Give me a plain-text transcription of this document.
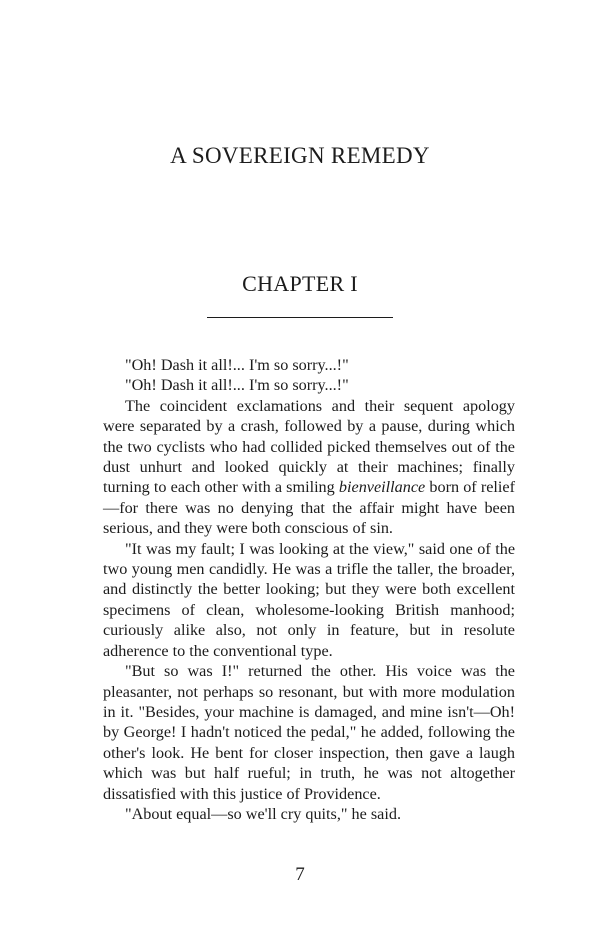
A SOVEREIGN REMEDY
CHAPTER I

"Oh! Dash it all!... I'm so sorry...!"

"Oh! Dash it all!... I'm so sorry...!"

The coincident exclamations and their sequent apology were separated by a crash, followed by a pause, during which the two cyclists who had collided picked themselves out of the dust unhurt and looked quickly at their machines; finally turning to each other with a smiling bienveillance born of relief—for there was no denying that the affair might have been serious, and they were both conscious of sin.

"It was my fault; I was looking at the view," said one of the two young men candidly. He was a trifle the taller, the broader, and distinctly the better looking; but they were both excellent specimens of clean, wholesome-looking British manhood; curiously alike also, not only in feature, but in resolute adherence to the conventional type.

"But so was I!" returned the other. His voice was the pleasanter, not perhaps so resonant, but with more modulation in it. "Besides, your machine is damaged, and mine isn't—Oh! by George! I hadn't noticed the pedal," he added, following the other's look. He bent for closer inspection, then gave a laugh which was but half rueful; in truth, he was not altogether dissatisfied with this justice of Providence.

"About equal—so we'll cry quits," he said.

7
